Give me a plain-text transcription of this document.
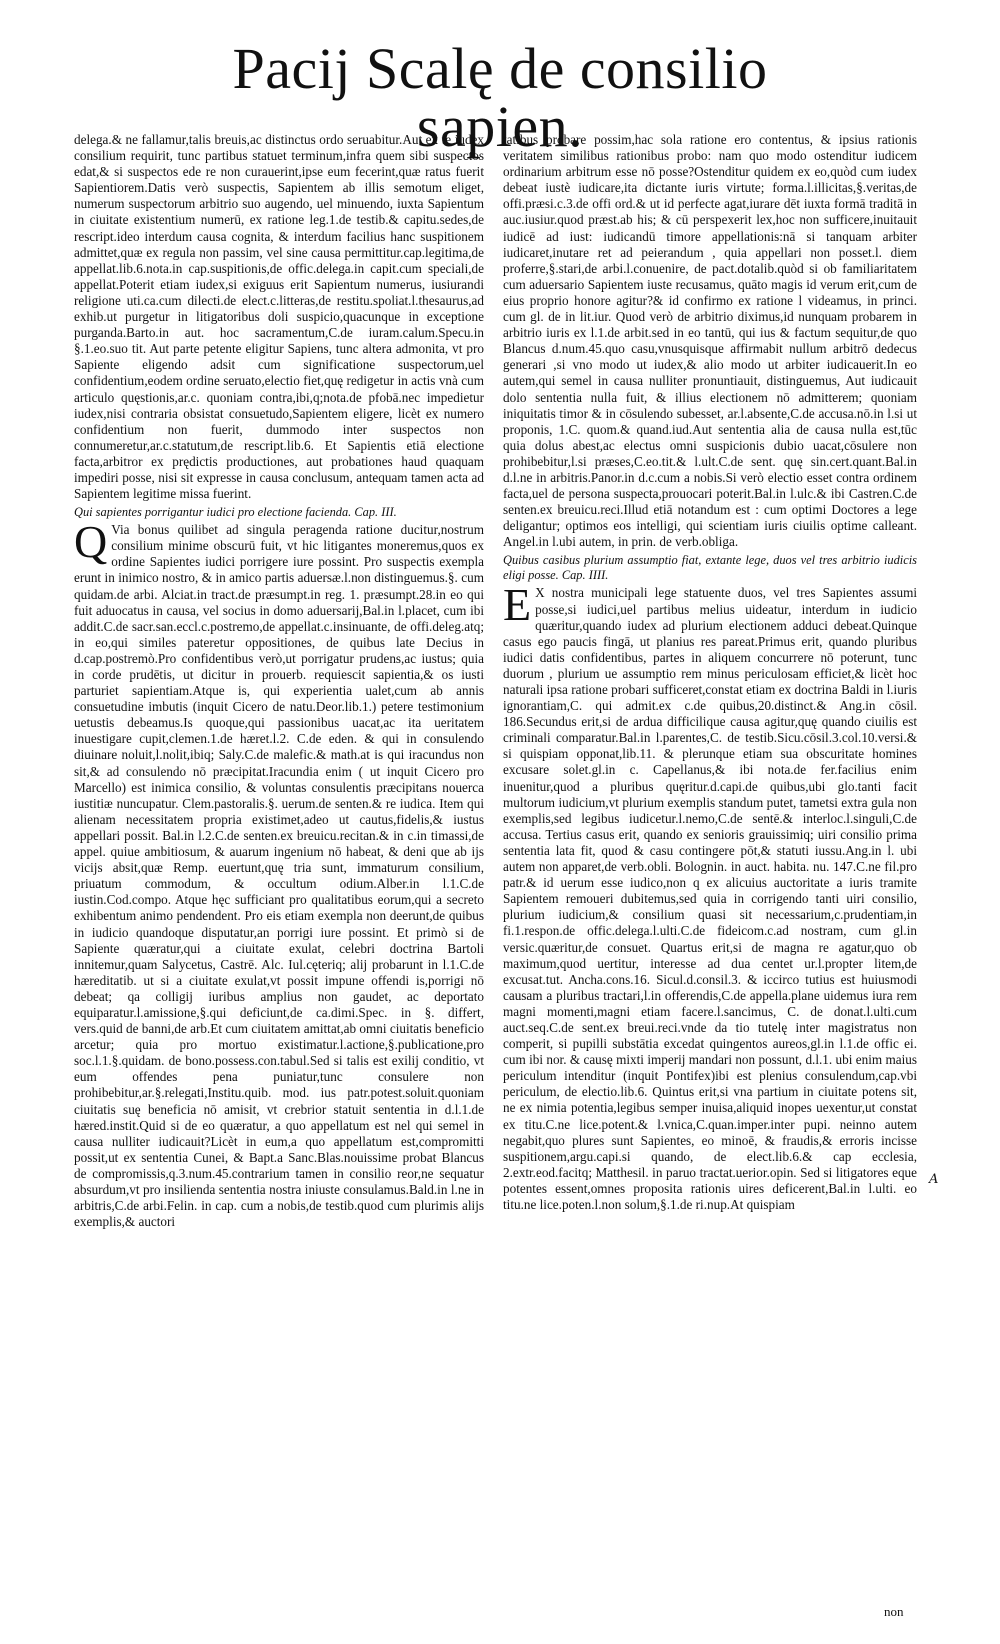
Pacij Scalę de consilio sapien.

delega.& ne fallamur,talis breuis,ac distinctus ordo seruabitur.Aut ex te iudex consilium requirit, tunc partibus statuet terminum,infra quem sibi suspectos edat,& si suspectos ede re non curauerint,ipse eum fecerint,quæ ratus fuerit Sapientiorem.Datis verò suspectis, Sapientem ab illis semotum eliget, numerum suspectorum arbitrio suo augendo, uel minuendo, iuxta Sapientum in ciuitate existentium numerū, ex ratione leg.1.de testib.& capitu.sedes,de rescript.ideo interdum causa cognita, & interdum facilius hanc suspitionem admittet,quæ ex regula non passim, vel sine causa permittitur.cap.legitima,de appellat.lib.6.nota.in cap.suspitionis,de offic.delega.in capit.cum speciali,de appellat.Poterit etiam iudex,si exiguus erit Sapientum numerus, iusiurandi religione uti.ca.cum dilecti.de elect.c.litteras,de restitu.spoliat.l.thesaurus,ad exhib.ut purgetur in litigatoribus doli suspicio,quacunque in exceptione purganda.Barto.in aut. hoc sacramentum,C.de iuram.calum.Specu.in §.1.eo.suo tit. Aut parte petente eligitur Sapiens, tunc altera admonita, vt pro Sapiente eligendo adsit cum significatione suspectorum,uel confidentium,eodem ordine seruato,electio fiet,quę redigetur in actis vnà cum articulo quęstionis,ar.c. quoniam contra,ibi,q;nota.de pfobā.nec impedietur iudex,nisi contraria obsistat consuetudo,Sapientem eligere, licèt ex numero confidentium non fuerit, dummodo inter suspectos non connumeretur,ar.c.statutum,de rescript.lib.6. Et Sapientis etiā electione facta,arbitror ex prędictis productiones, aut probationes haud quaquam impediri posse, nisi sit expresse in causa conclusum, antequam tamen acta ad Sapientem legitime missa fuerint.

Qui sapientes porrigantur iudici pro electione facienda. Cap. III.

Q Via bonus quilibet ad singula peragenda ratione ducitur,nostrum consilium minime obscurū fuit, vt hic litigantes moneremus,quos ex ordine Sapientes iudici porrigere iure possint. Pro suspectis exempla erunt in inimico nostro, & in amico partis aduersæ.l.non distinguemus.§. cum quidam.de arbi. Alciat.in tract.de præsumpt.in reg. 1. præsumpt.28.in eo qui fuit aduocatus in causa, vel socius in domo aduersarij,Bal.in l.placet, cum ibi addit.C.de sacr.san.eccl.c.postremo,de appellat.c.insinuante, de offi.deleg.atq; in eo,qui similes pateretur oppositiones, de quibus late Decius in d.cap.postremò.Pro confidentibus verò,ut porrigatur prudens,ac iustus; quia in corde prudētis, ut dicitur in prouerb. requiescit sapientia,& os iusti parturiet sapientiam.Atque is, qui experientia ualet,cum ab annis consuetudine imbutis (inquit Cicero de natu.Deor.lib.1.) petere testimonium uetustis debeamus.Is quoque,qui passionibus uacat,ac ita ueritatem inuestigare cupit,clemen.1.de hæret.l.2. C.de eden. & qui in consulendo diuinare noluit,l.nolit,ibiq; Saly.C.de malefic.& math.at is qui iracundus non sit,& ad consulendo nō præcipitat.Iracundia enim ( ut inquit Cicero pro Marcello) est inimica consilio, & voluntas consulentis præcipitans nouerca iustitiæ nuncupatur. Clem.pastoralis.§. uerum.de senten.& re iudica. Item qui alienam necessitatem propria existimet,adeo ut cautus,fidelis,& iustus appellari possit. Bal.in l.2.C.de senten.ex breuicu.recitan.& in c.in timassi,de appel. quiue ambitiosum, & auarum ingenium nō habeat, & deni que ab ijs vicijs absit,quæ Remp. euertunt,quę tria sunt, immaturum consilium, priuatum commodum, & occultum odium.Alber.in l.1.C.de iustin.Cod.compo. Atque hęc sufficiant pro qualitatibus eorum,qui a secreto exhibentum animo pendendent. Pro eis etiam exempla non deerunt,de quibus in iudicio quandoque disputatur,an porrigi iure possint. Et primò si de Sapiente quæratur,qui a ciuitate exulat, celebri doctrina Bartoli innitemur,quam Salycetus, Castrē. Alc. Iul.cęteriq; alij probarunt in l.1.C.de hæreditatib. ut si a ciuitate exulat,vt possit impune offendi is,porrigi nō debeat; qa colligij iuribus amplius non gaudet, ac deportato equiparatur.l.amissione,§.qui deficiunt,de ca.dimi.Spec. in §. differt, vers.quid de banni,de arb.Et cum ciuitatem amittat,ab omni ciuitatis beneficio arcetur; quia pro mortuo existimatur.l.actione,§.publicatione,pro soc.l.1.§.quidam. de bono.possess.con.tabul.Sed si talis est exilij conditio, vt eum offendes pena puniatur,tunc consulere non prohibebitur,ar.§.relegati,Institu.quib. mod. ius patr.potest.soluit.quoniam ciuitatis suę beneficia nō amisit, vt crebrior statuit sententia in d.l.1.de hæred.instit.Quid si de eo quæratur, a quo appellatum est nel qui semel in causa nulliter iudicauit?Licèt in eum,a quo appellatum est,compromitti possit,ut ex sententia Cunei, & Bapt.a Sanc.Blas.nouissime probat Blancus de compromissis,q.3.num.45.contrarium tamen in consilio reor,ne sequatur absurdum,vt pro insilienda sententia nostra iniuste consulamus.Bald.in l.ne in arbitris,C.de arbi.Felin. in cap. cum a nobis,de testib.quod cum plurimis alijs exemplis,& auctori

tatibus probare possim,hac sola ratione ero contentus, & ipsius rationis veritatem similibus rationibus probo: nam quo modo ostenditur iudicem ordinarium arbitrum esse nō posse?Ostenditur quidem ex eo,quòd cum iudex debeat iustè iudicare,ita dictante iuris virtute; forma.l.illicitas,§.veritas,de offi.præsi.c.3.de offi ord.& ut id perfecte agat,iurare dēt iuxta formā traditā in auc.iusiur.quod præst.ab his; & cū perspexerit lex,hoc non sufficere,inuitauit iudicē ad iust: iudicandū timore appellationis:nā si tanquam arbiter iudicaret,inutare ret ad peierandum , quia appellari non posset.l. diem proferre,§.stari,de arbi.l.conuenire, de pact.dotalib.quòd si ob familiaritatem cum aduersario Sapientem iuste recusamus, quāto magis id verum erit,cum de eius proprio honore agitur?& id confirmo ex ratione l videamus, in princi. cum gl. de in lit.iur. Quod verò de arbitrio diximus,id nunquam probarem in arbitrio iuris ex l.1.de arbit.sed in eo tantū, qui ius & factum sequitur,de quo Blancus d.num.45.quo casu,vnusquisque affirmabit nullum arbitrō dedecus generari ,si vno modo ut iudex,& alio modo ut arbiter iudicauerit.In eo autem,qui semel in causa nulliter pronuntiauit, distinguemus, Aut iudicauit dolo sententia nulla fuit, & illius electionem nō admitterem; quoniam iniquitatis timor & in cōsulendo subesset, ar.l.absente,C.de accusa.nō.in l.si ut proponis, 1.C. quom.& quand.iud.Aut sententia alia de causa nulla est,tūc quia dolus abest,ac electus omni suspicionis dubio uacat,cōsulere non prohibebitur,l.si præses,C.eo.tit.& l.ult.C.de sent. quę sin.cert.quant.Bal.in d.l.ne in arbitris.Panor.in d.c.cum a nobis.Si verò electio esset contra ordinem facta,uel de persona suspecta,prouocari poterit.Bal.in l.ulc.& ibi Castren.C.de senten.ex breuicu.reci.Illud etiā notandum est : cum optimi Doctores a lege deligantur; optimos eos intelligi, qui scientiam iuris ciuilis optime calleant. Angel.in l.ubi autem, in prin. de verb.obliga.

Quibus casibus plurium assumptio fiat, extante lege, duos vel tres arbitrio iudicis eligi posse. Cap. IIII.

E X nostra municipali lege statuente duos, vel tres Sapientes assumi posse,si iudici,uel partibus melius uideatur, interdum in iudicio quæritur,quando iudex ad plurium electionem adduci debeat.Quinque casus ego paucis fingā, ut planius res pareat.Primus erit, quando pluribus iudici datis confidentibus, partes in aliquem concurrere nō poterunt, tunc duorum , plurium ue assumptio rem minus periculosam efficiet,& licèt hoc naturali ipsa ratione probari sufficeret,constat etiam ex doctrina Baldi in l.iuris ignorantiam,C. qui admit.ex c.de quibus,20.distinct.& Ang.in cōsil. 186.Secundus erit,si de ardua difficilique causa agitur,quę quando ciuilis est criminali comparatur.Bal.in l.parentes,C. de testib.Sicu.cōsil.3.col.10.versi.& si quispiam opponat,lib.11. & plerunque etiam sua obscuritate homines excusare solet.gl.in c. Capellanus,& ibi nota.de fer.facilius enim inuenitur,quod a pluribus quęritur.d.capi.de quibus,ubi glo.tanti facit multorum iudicium,vt plurium exemplis standum putet, tametsi extra gula non exemplis,sed legibus iudicetur.l.nemo,C.de sentē.& interloc.l.singuli,C.de accusa. Tertius casus erit, quando ex senioris grauissimiq; uiri consilio prima sententia lata fit, quod & casu contingere pōt,& statuti iussu.Ang.in l. ubi autem non apparet,de verb.obli. Bolognin. in auct. habita. nu. 147.C.ne fil.pro patr.& id uerum esse iudico,non q ex alicuius auctoritate a iuris tramite Sapientem remoueri dubitemus,sed quia in corrigendo tanti uiri consilio, plurium iudicium,& consilium quasi sit necessarium,c.prudentiam,in fi.1.respon.de offic.delega.l.ulti.C.de fideicom.c.ad nostram, cum gl.in versic.quæritur,de consuet. Quartus erit,si de magna re agatur,quo ob maximum,quod uertitur, interesse ad dua centet ur.l.propter litem,de excusat.tut. Ancha.cons.16. Sicul.d.consil.3. & iccirco tutius est huiusmodi causam a pluribus tractari,l.in offerendis,C.de appella.plane uidemus iura rem magni momenti,magni etiam facere.l.sancimus, C. de donat.l.ulti.cum auct.seq.C.de sent.ex breui.reci.vnde da tio tutelę inter magistratus non comperit, si pupilli substātia excedat quingentos aureos,gl.in l.1.de offic ei. cum ibi nor. & causę mixti imperij mandari non possunt, d.l.1. ubi enim maius periculum intenditur (inquit Pontifex)ibi est plenius consulendum,cap.vbi periculum, de electio.lib.6. Quintus erit,si vna partium in ciuitate potens sit, ne ex nimia potentia,legibus semper inuisa,aliquid inopes uexentur,ut constat ex titu.C.ne lice.potent.& l.vnica,C.quan.imper.inter pupi. neinno autem negabit,quo plures sunt Sapientes, eo minoē, & fraudis,& erroris incisse suspitionem,argu.capi.si quando, de elect.lib.6.& cap ecclesia, 2.extr.eod.facitq; Matthesil. in paruo tractat.uerior.opin. Sed si litigatores eque potentes essent,omnes proposita rationis uires deficerent,Bal.in l.ulti. eo titu.ne lice.poten.l.non solum,§.1.de ri.nup.At quispiam

A
non
